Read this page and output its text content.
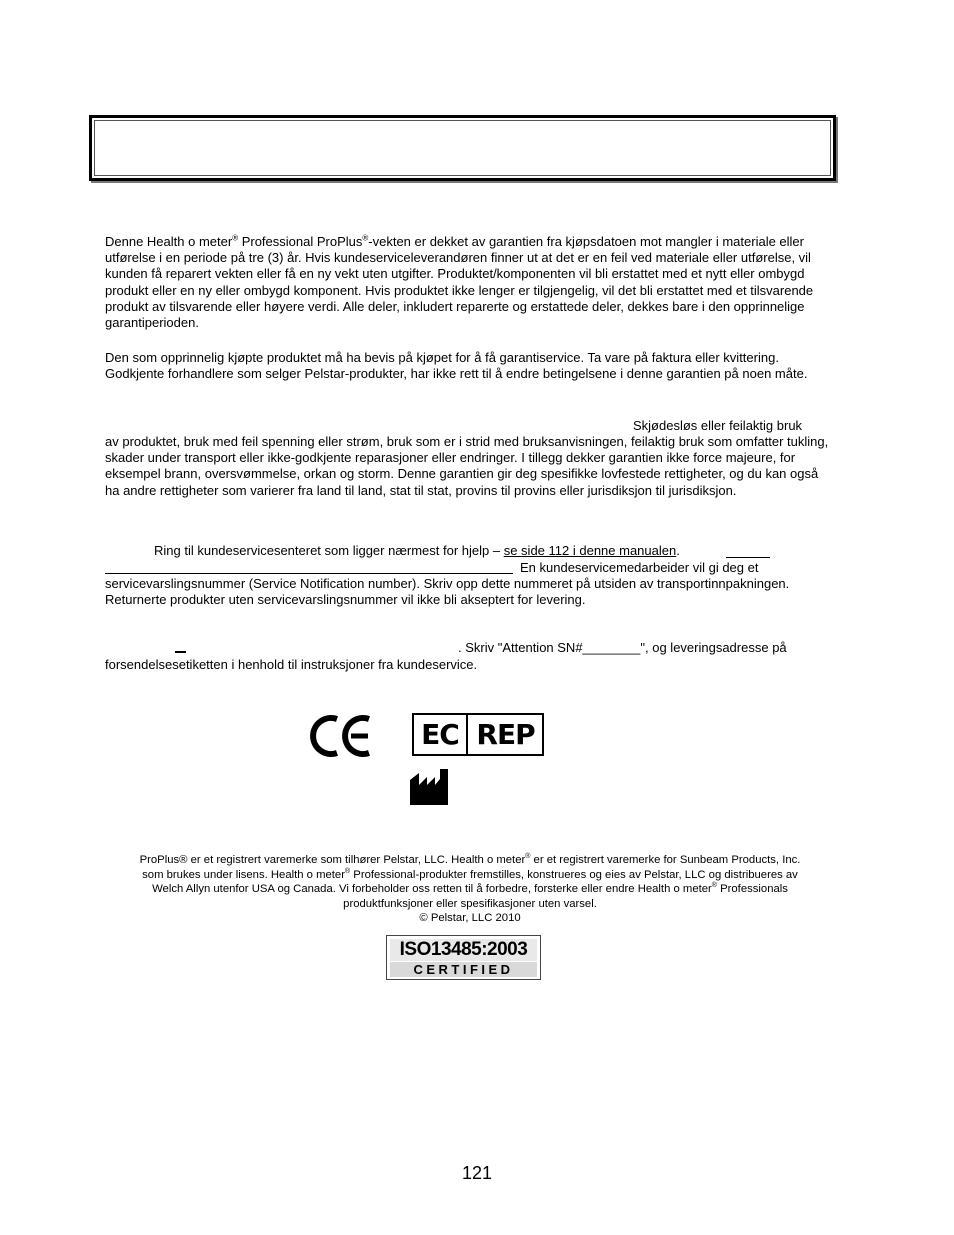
Denne Health o meter® Professional ProPlus®-vekten er dekket av garantien fra kjøpsdatoen mot mangler i materiale eller utførelse i en periode på tre (3) år. Hvis kundeserviceleverandøren finner ut at det er en feil ved materiale eller utførelse, vil kunden få reparert vekten eller få en ny vekt uten utgifter. Produktet/komponenten vil bli erstattet med et nytt eller ombygd produkt eller en ny eller ombygd komponent. Hvis produktet ikke lenger er tilgjengelig, vil det bli erstattet med et tilsvarende produkt av tilsvarende eller høyere verdi. Alle deler, inkludert reparerte og erstattede deler, dekkes bare i den opprinnelige garantiperioden.

Den som opprinnelig kjøpte produktet må ha bevis på kjøpet for å få garantiservice. Ta vare på faktura eller kvittering. Godkjente forhandlere som selger Pelstar-produkter, har ikke rett til å endre betingelsene i denne garantien på noen måte.

Skjødesløs eller feilaktig bruk

av produktet, bruk med feil spenning eller strøm, bruk som er i strid med bruksanvisningen, feilaktig bruk som omfatter tukling, skader under transport eller ikke-godkjente reparasjoner eller endringer. I tillegg dekker garantien ikke force majeure, for eksempel brann, oversvømmelse, orkan og storm. Denne garantien gir deg spesifikke lovfestede rettigheter, og du kan også ha andre rettigheter som varierer fra land til land, stat til stat, provins til provins eller jurisdiksjon til jurisdiksjon.

Ring til kundeservicesenteret som ligger nærmest for hjelp – se side 112 i denne manualen.
En kundeservicemedarbeider vil gi deg et

servicevarslingsnummer (Service Notification number). Skriv opp dette nummeret på utsiden av transportinnpakningen. Returnerte produkter uten servicevarslingsnummer vil ikke bli akseptert for levering.

. Skriv "Attention SN#________", og leveringsadresse på

forsendelsesetiketten i henhold til instruksjoner fra kundeservice.

EC REP
ProPlus® er et registrert varemerke som tilhører Pelstar, LLC. Health o meter® er et registrert varemerke for Sunbeam Products, Inc.
som brukes under lisens. Health o meter® Professional-produkter fremstilles, konstrueres og eies av Pelstar, LLC og distribueres av
Welch Allyn utenfor USA og Canada. Vi forbeholder oss retten til å forbedre, forsterke eller endre Health o meter® Professionals
produktfunksjoner eller spesifikasjoner uten varsel.
© Pelstar, LLC 2010
ISO13485:2003
CERTIFIED
121
